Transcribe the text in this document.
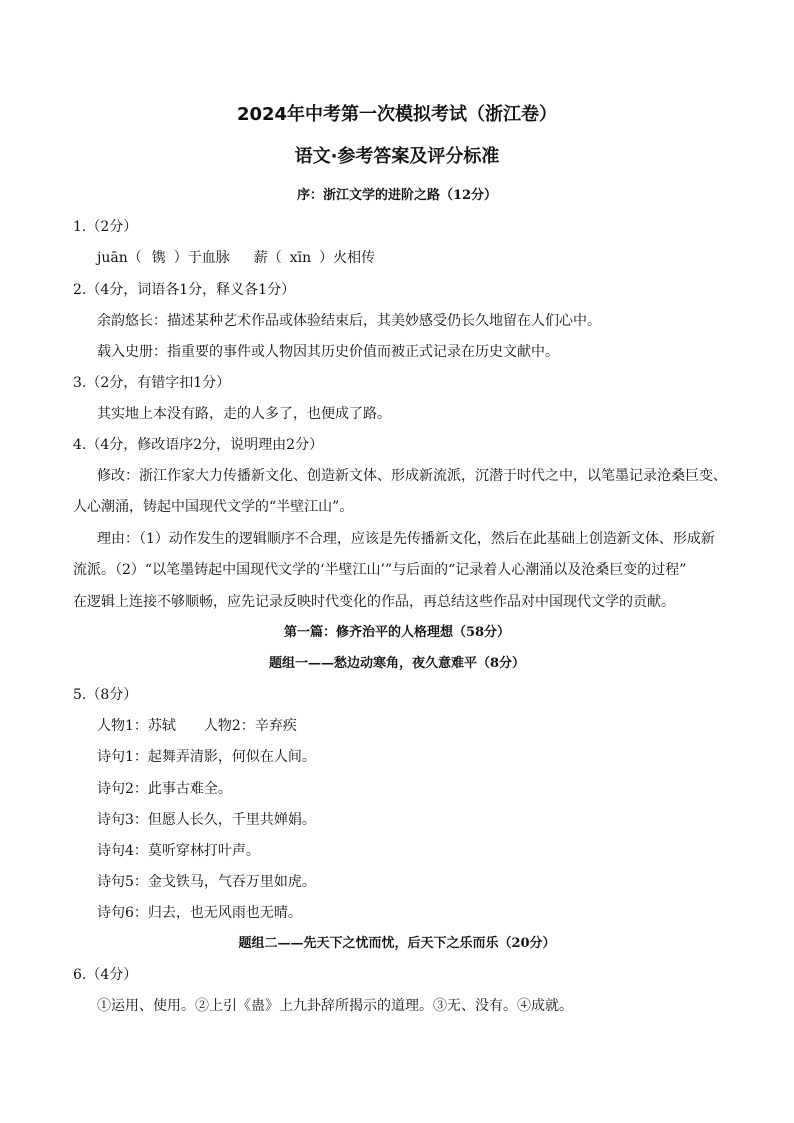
2024年中考第一次模拟考试（浙江卷）
语文·参考答案及评分标准
序：浙江文学的进阶之路（12分）
1.（2分）
juān（ 镌 ）于血脉 薪（ xīn ）火相传
2.（4分，词语各1分，释义各1分）
余韵悠长：描述某种艺术作品或体验结束后，其美妙感受仍长久地留在人们心中。
载入史册：指重要的事件或人物因其历史价值而被正式记录在历史文献中。
3.（2分，有错字扣1分）
其实地上本没有路，走的人多了，也便成了路。
4.（4分，修改语序2分，说明理由2分）
修改：浙江作家大力传播新文化、创造新文体、形成新流派，沉潜于时代之中，以笔墨记录沧桑巨变、
人心潮涌，铸起中国现代文学的“半壁江山”。
理由：（1）动作发生的逻辑顺序不合理，应该是先传播新文化，然后在此基础上创造新文体、形成新
流派。（2）“以笔墨铸起中国现代文学的‘半壁江山’”与后面的“记录着人心潮涌以及沧桑巨变的过程”
在逻辑上连接不够顺畅，应先记录反映时代变化的作品，再总结这些作品对中国现代文学的贡献。
第一篇：修齐治平的人格理想（58分）
题组一——愁边动寒角，夜久意难平（8分）
5.（8分）
人物1：苏轼　　人物2：辛弃疾
诗句1：起舞弄清影，何似在人间。
诗句2：此事古难全。
诗句3：但愿人长久，千里共婵娟。
诗句4：莫听穿林打叶声。
诗句5：金戈铁马，气吞万里如虎。
诗句6：归去，也无风雨也无晴。
题组二——先天下之忧而忧，后天下之乐而乐（20分）
6.（4分）
①运用、使用。②上引《蛊》上九卦辞所揭示的道理。③无、没有。④成就。
